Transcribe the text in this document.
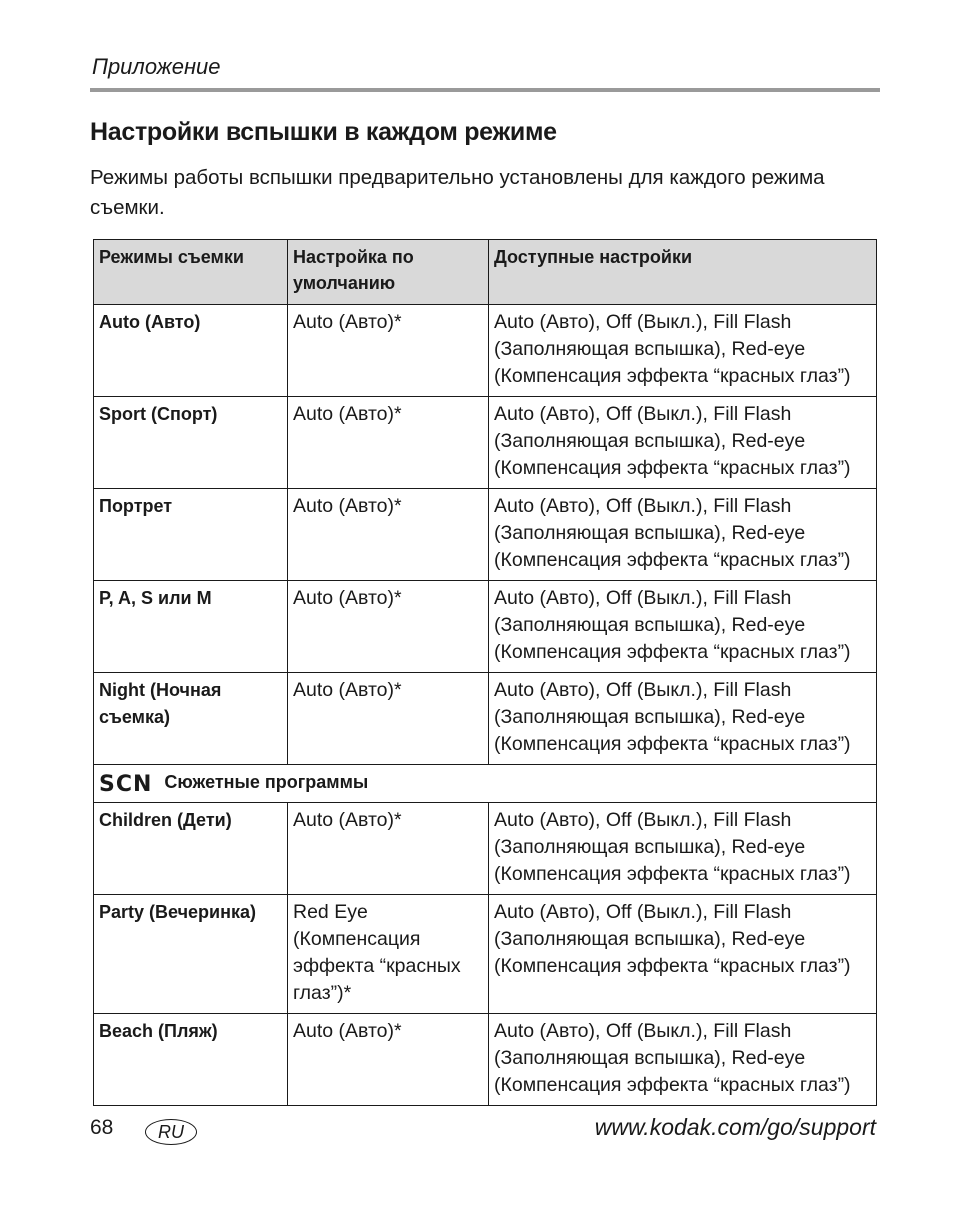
Приложение
Настройки вспышки в каждом режиме

Режимы работы вспышки предварительно установлены для каждого режима съемки.

Режимы съемки	Настройка по умолчанию	Доступные настройки
Auto (Авто)	Auto (Авто)*	Auto (Авто), Off (Выкл.), Fill Flash (Заполняющая вспышка), Red-eye (Компенсация эффекта “красных глаз”)
Sport (Спорт)	Auto (Авто)*	Auto (Авто), Off (Выкл.), Fill Flash (Заполняющая вспышка), Red-eye (Компенсация эффекта “красных глаз”)
Портрет	Auto (Авто)*	Auto (Авто), Off (Выкл.), Fill Flash (Заполняющая вспышка), Red-eye (Компенсация эффекта “красных глаз”)
P, A, S или M	Auto (Авто)*	Auto (Авто), Off (Выкл.), Fill Flash (Заполняющая вспышка), Red-eye (Компенсация эффекта “красных глаз”)
Night (Ночная съемка)	Auto (Авто)*	Auto (Авто), Off (Выкл.), Fill Flash (Заполняющая вспышка), Red-eye (Компенсация эффекта “красных глаз”)
SCN Сюжетные программы		
Children (Дети)	Auto (Авто)*	Auto (Авто), Off (Выкл.), Fill Flash (Заполняющая вспышка), Red-eye (Компенсация эффекта “красных глаз”)
Party (Вечеринка)	Red Eye (Компенсация эффекта “красных глаз”)*	Auto (Авто), Off (Выкл.), Fill Flash (Заполняющая вспышка), Red-eye (Компенсация эффекта “красных глаз”)
Beach (Пляж)	Auto (Авто)*	Auto (Авто), Off (Выкл.), Fill Flash (Заполняющая вспышка), Red-eye (Компенсация эффекта “красных глаз”)
68	RU	www.kodak.com/go/support
